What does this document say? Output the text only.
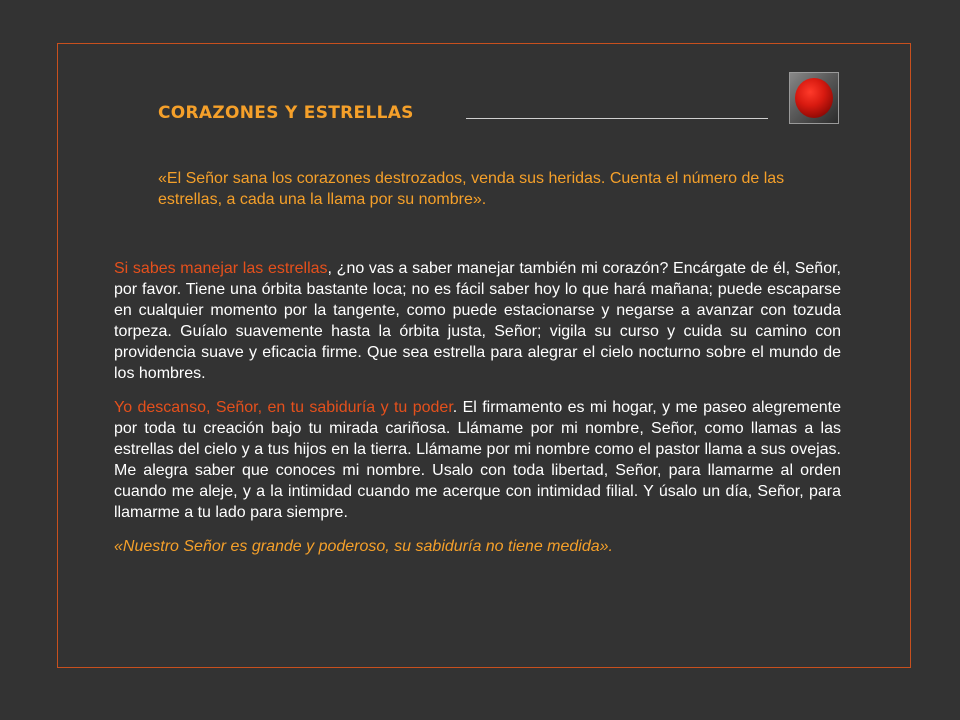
CORAZONES Y ESTRELLAS
«El Señor sana los corazones destrozados, venda sus heridas. Cuenta el número de las estrellas, a cada una la llama por su nombre».

Si sabes manejar las estrellas, ¿no vas a saber manejar también mi corazón? Encárgate de él, Señor, por favor. Tiene una órbita bastante loca; no es fácil saber hoy lo que hará mañana; puede escaparse en cualquier momento por la tangente, como puede estacionarse y negarse a avanzar con tozuda torpeza. Guíalo suavemente hasta la órbita justa, Señor; vigila su curso y cuida su camino con providencia suave y eficacia firme. Que sea estrella para alegrar el cielo nocturno sobre el mundo de los hombres.

Yo descanso, Señor, en tu sabiduría y tu poder. El firmamento es mi hogar, y me paseo alegremente por toda tu creación bajo tu mirada cariñosa. Llámame por mi nombre, Señor, como llamas a las estrellas del cielo y a tus hijos en la tierra. Llámame por mi nombre como el pastor llama a sus ovejas. Me alegra saber que conoces mi nombre. Usalo con toda libertad, Señor, para llamarme al orden cuando me aleje, y a la intimidad cuando me acerque con intimidad filial. Y úsalo un día, Señor, para llamarme a tu lado para siempre.

«Nuestro Señor es grande y poderoso, su sabiduría no tiene medida».
